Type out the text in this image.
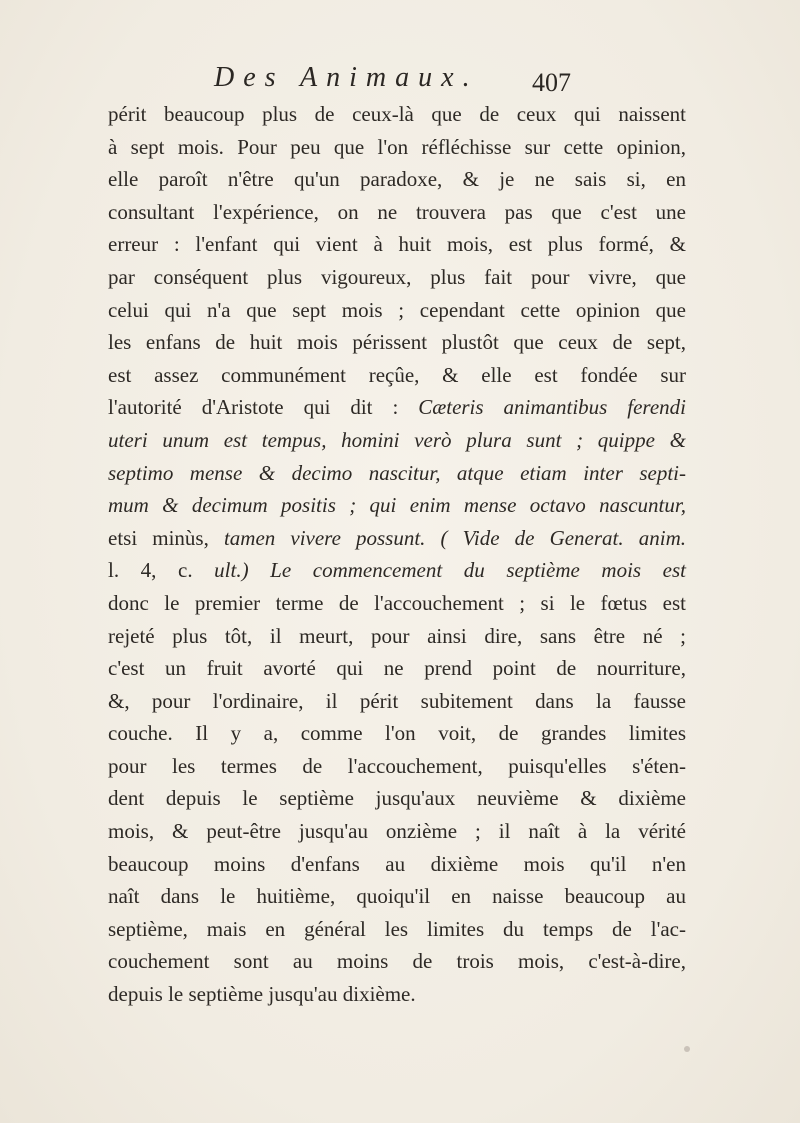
Des Animaux. 407
périt beaucoup plus de ceux-là que de ceux qui naissent
à sept mois. Pour peu que l'on réfléchisse sur cette opinion,
elle paroît n'être qu'un paradoxe, & je ne sais si, en
consultant l'expérience, on ne trouvera pas que c'est une
erreur : l'enfant qui vient à huit mois, est plus formé, &
par conséquent plus vigoureux, plus fait pour vivre, que
celui qui n'a que sept mois ; cependant cette opinion que
les enfans de huit mois périssent plustôt que ceux de sept,
est assez communément reçûe, & elle est fondée sur
l'autorité d'Aristote qui dit : Cæteris animantibus ferendi
uteri unum est tempus, homini verò plura sunt ; quippe &
septimo mense & decimo nascitur, atque etiam inter septi-
mum & decimum positis ; qui enim mense octavo nascuntur,
etsi minùs, tamen vivere possunt. ( Vide de Generat. anim.
l. 4, c. ult.) Le commencement du septième mois est
donc le premier terme de l'accouchement ; si le fœtus est
rejeté plus tôt, il meurt, pour ainsi dire, sans être né ;
c'est un fruit avorté qui ne prend point de nourriture,
&, pour l'ordinaire, il périt subitement dans la fausse
couche. Il y a, comme l'on voit, de grandes limites
pour les termes de l'accouchement, puisqu'elles s'éten-
dent depuis le septième jusqu'aux neuvième & dixième
mois, & peut-être jusqu'au onzième ; il naît à la vérité
beaucoup moins d'enfans au dixième mois qu'il n'en
naît dans le huitième, quoiqu'il en naisse beaucoup au
septième, mais en général les limites du temps de l'ac-
couchement sont au moins de trois mois, c'est-à-dire,
depuis le septième jusqu'au dixième.
